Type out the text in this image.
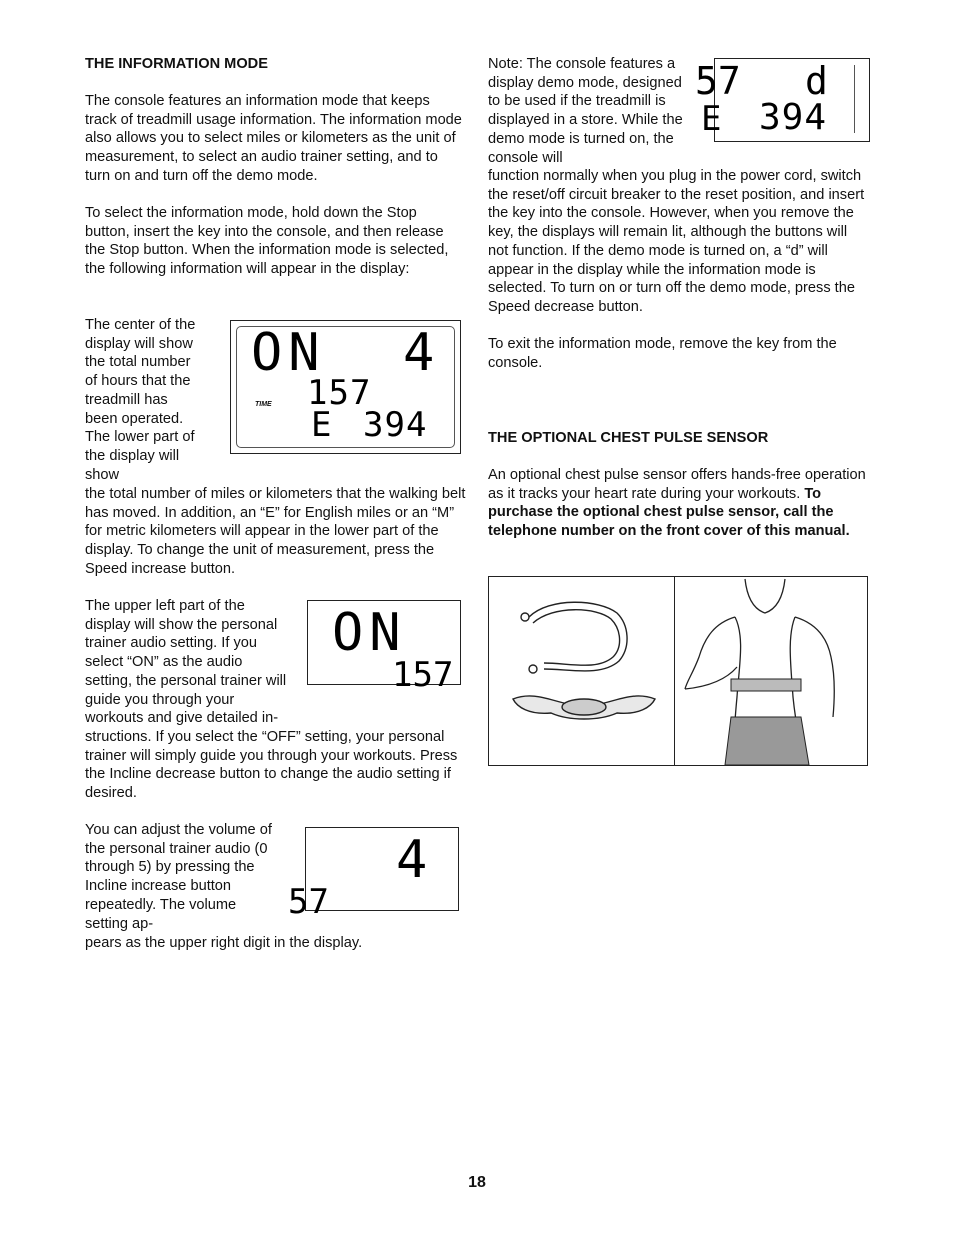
THE INFORMATION MODE
The console features an information mode that keeps track of treadmill usage information. The information mode also allows you to select miles or kilometers as the unit of measurement, to select an audio trainer setting, and to turn on and turn off the demo mode.
To select the information mode, hold down the Stop button, insert the key into the console, and then release the Stop button. When the information mode is selected, the following information will appear in the display:
The center of the display will show the total number of hours that the treadmill has been operated. The lower part of the display will show
the total number of miles or kilometers that the walking belt has moved. In addition, an “E” for English miles or an “M” for metric kilometers will appear in the lower part of the display. To change the unit of measurement, press the Speed increase button.
ON 4
157
TIME
E 394
The upper left part of the display will show the personal trainer audio setting. If you select “ON” as the audio setting, the personal trainer will guide you through your workouts and give detailed in-
structions. If you select the “OFF” setting, your personal trainer will simply guide you through your workouts. Press the Incline decrease button to change the audio setting if desired.
ON
157
You can adjust the volume of the personal trainer audio (0 through 5) by pressing the Incline increase button repeatedly. The volume setting ap-
pears as the upper right digit in the display.
4
57
Note: The console features a display demo mode, designed to be used if the treadmill is displayed in a store. While the demo mode is turned on, the console will
function normally when you plug in the power cord, switch the reset/off circuit breaker to the reset position, and insert the key into the console. However, when you remove the key, the displays will remain lit, although the buttons will not function. If the demo mode is turned on, a “d” will appear in the display while the information mode is selected. To turn on or turn off the demo mode, press the Speed decrease button.
57 d
E 394
To exit the information mode, remove the key from the console.
THE OPTIONAL CHEST PULSE SENSOR
An optional chest pulse sensor offers hands-free operation as it tracks your heart rate during your workouts. To purchase the optional chest pulse sensor, call the telephone number on the front cover of this manual.
18
